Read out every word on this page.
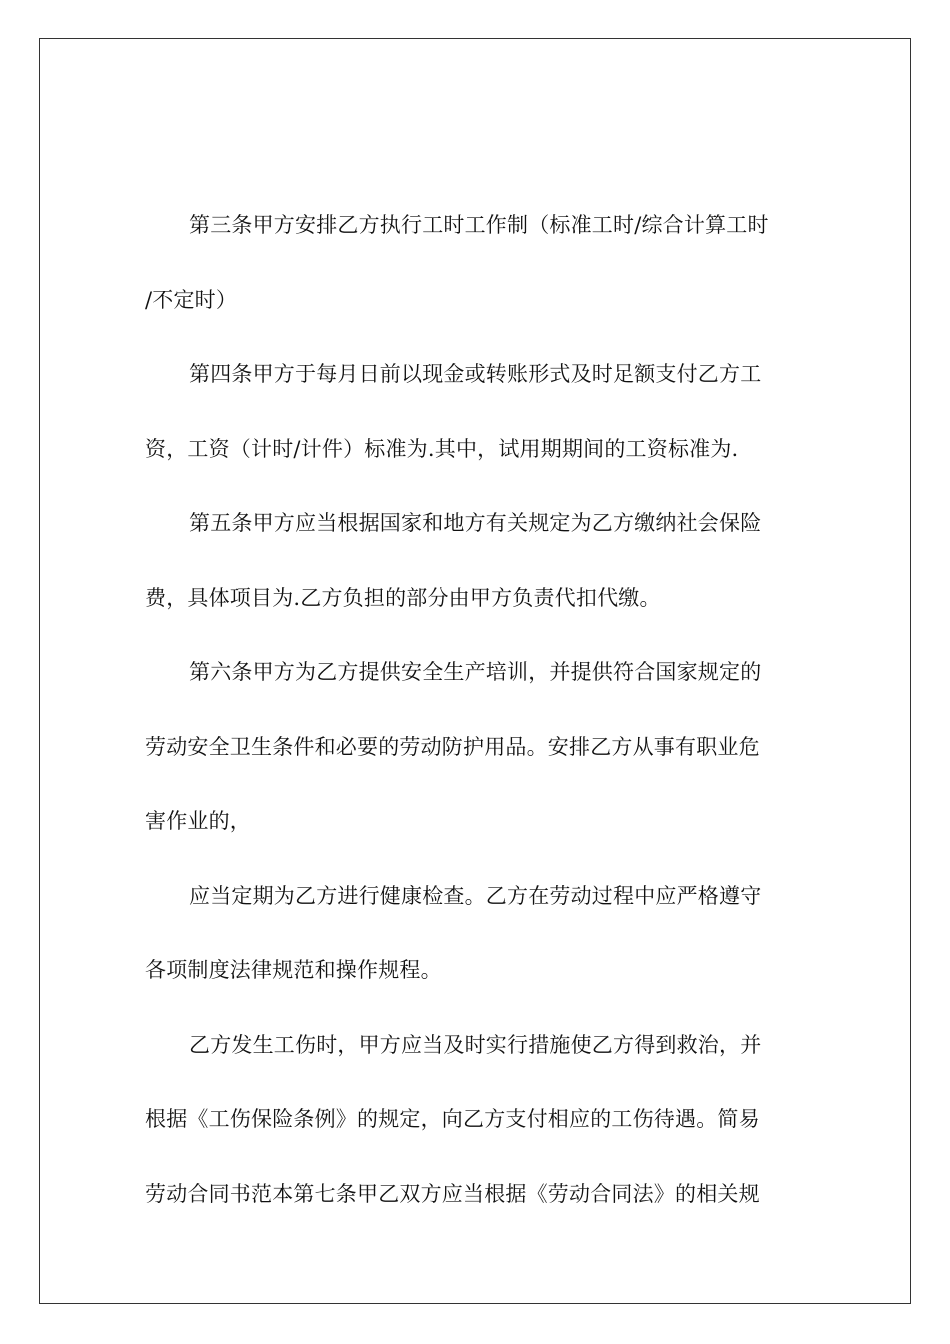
第三条甲方安排乙方执行工时工作制（标准工时/综合计算工时
/不定时）
第四条甲方于每月日前以现金或转账形式及时足额支付乙方工
资，工资（计时/计件）标准为.其中，试用期期间的工资标准为.
第五条甲方应当根据国家和地方有关规定为乙方缴纳社会保险
费，具体项目为.乙方负担的部分由甲方负责代扣代缴。
第六条甲方为乙方提供安全生产培训，并提供符合国家规定的
劳动安全卫生条件和必要的劳动防护用品。安排乙方从事有职业危
害作业的，
应当定期为乙方进行健康检查。乙方在劳动过程中应严格遵守
各项制度法律规范和操作规程。
乙方发生工伤时，甲方应当及时实行措施使乙方得到救治，并
根据《工伤保险条例》的规定，向乙方支付相应的工伤待遇。简易
劳动合同书范本第七条甲乙双方应当根据《劳动合同法》的相关规
